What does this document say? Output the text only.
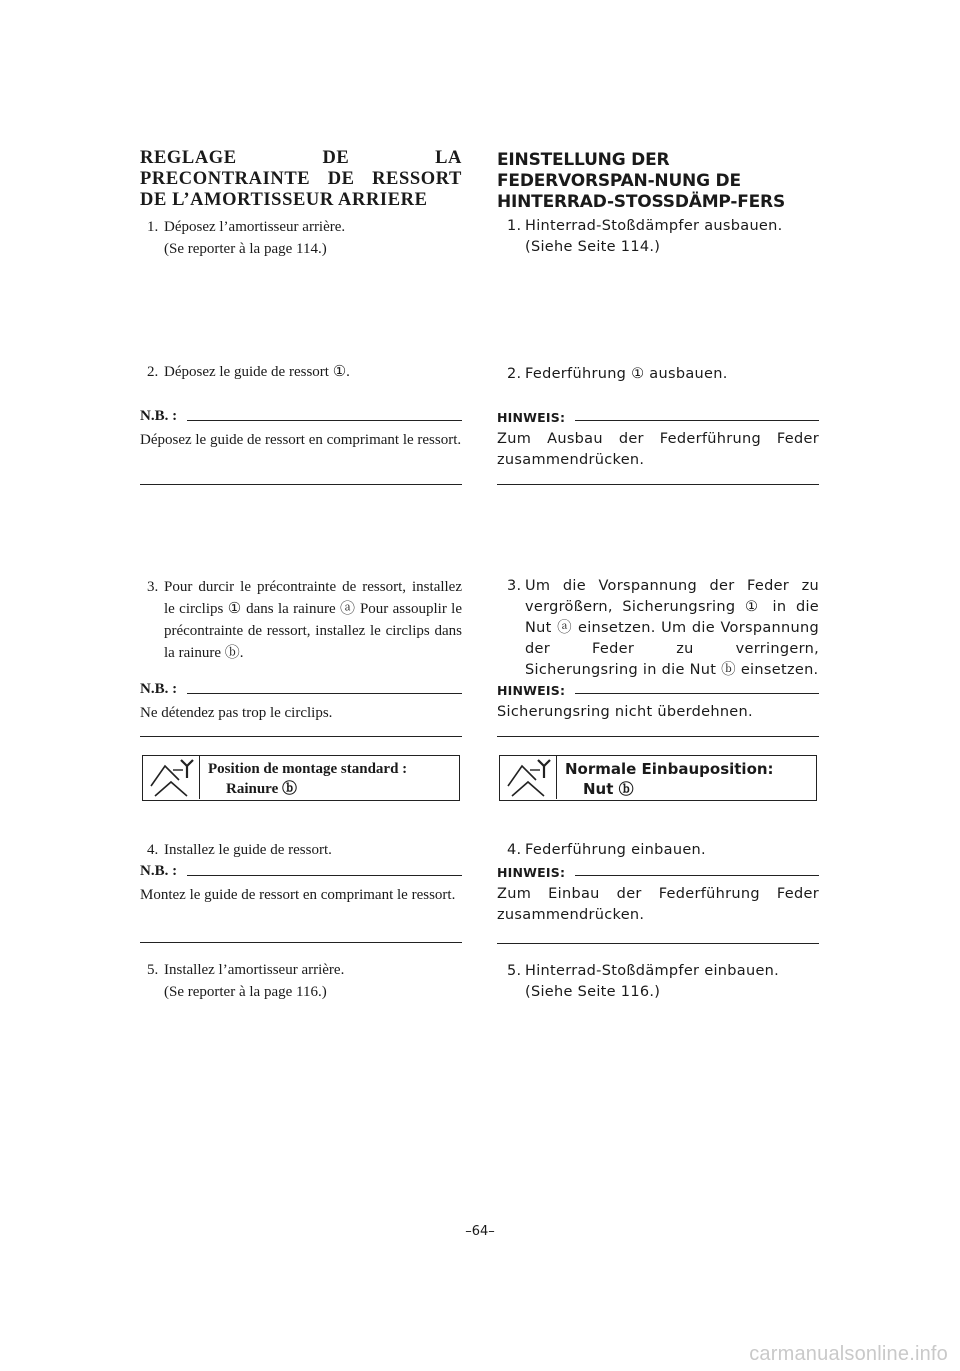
REGLAGE DE LA PRECONTRAINTE DE RESSORT DE L’AMORTISSEUR ARRIERE
1. Déposez l’amortisseur arrière.
(Se reporter à la page 114.)
2. Déposez le guide de ressort ①.
N.B. :
Déposez le guide de ressort en comprimant le ressort.
3. Pour durcir le précontrainte de ressort, installez le circlips ① dans la rainure ⓐ Pour assouplir le précontrainte de ressort, installez le circlips dans la rainure ⓑ.
N.B. :
Ne détendez pas trop le circlips.
Position de montage standard :
Rainure ⓑ
4. Installez le guide de ressort.
N.B. :
Montez le guide de ressort en comprimant le ressort.
5. Installez l’amortisseur arrière.
(Se reporter à la page 116.)
EINSTELLUNG DER FEDERVORSPAN-NUNG DE HINTERRAD-STOSSDÄMP-FERS
1. Hinterrad-Stoßdämpfer ausbauen.
(Siehe Seite 114.)
2. Federführung ① ausbauen.
HINWEIS:
Zum Ausbau der Federführung Feder zusammendrücken.
3. Um die Vorspannung der Feder zu vergrößern, Sicherungsring ① in die Nut ⓐ einsetzen. Um die Vorspannung der Feder zu verringern, Sicherungsring in die Nut ⓑ einsetzen.
HINWEIS:
Sicherungsring nicht überdehnen.
Normale Einbauposition:
Nut ⓑ
4. Federführung einbauen.
HINWEIS:
Zum Einbau der Federführung Feder zusammendrücken.
5. Hinterrad-Stoßdämpfer einbauen.
(Siehe Seite 116.)
–64–
carmanualsonline.info
